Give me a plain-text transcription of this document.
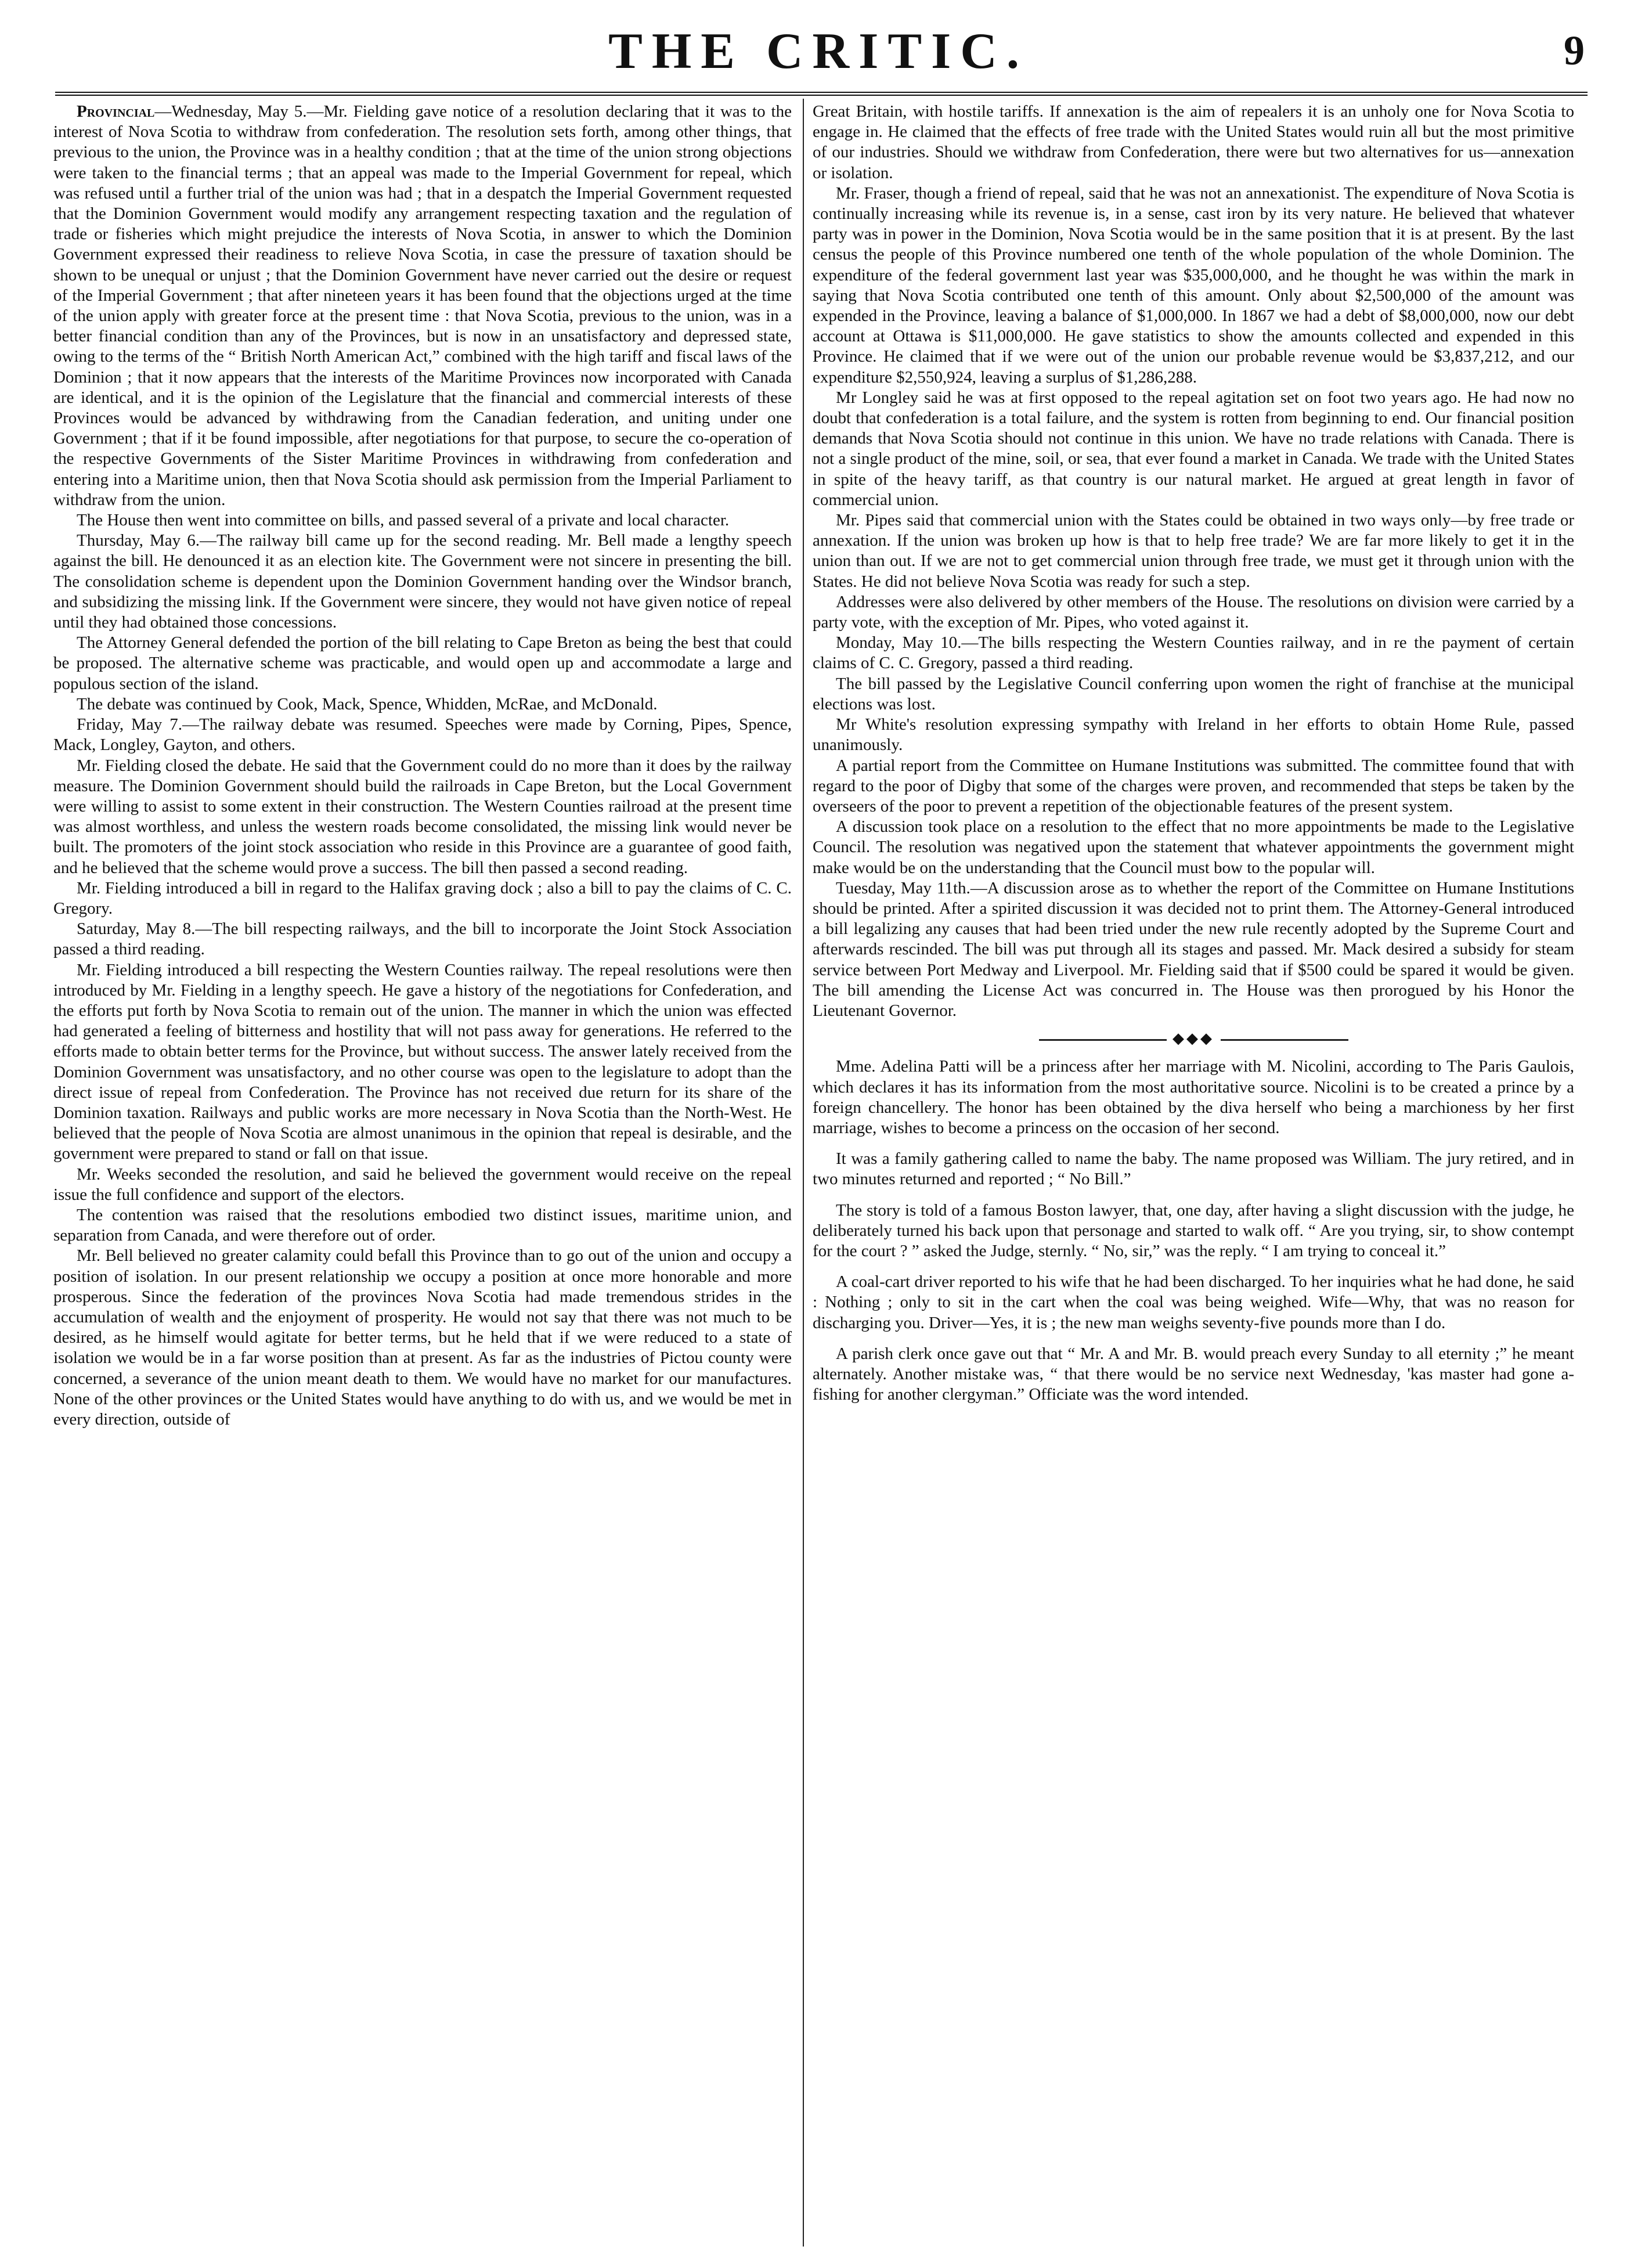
THE CRITIC.	9

Provincial—Wednesday, May 5.—Mr. Fielding gave notice of a resolution declaring that it was to the interest of Nova Scotia to withdraw from confederation. The resolution sets forth, among other things, that previous to the union, the Province was in a healthy condition ; that at the time of the union strong objections were taken to the financial terms ; that an appeal was made to the Imperial Government for repeal, which was refused until a further trial of the union was had ; that in a despatch the Imperial Government requested that the Dominion Government would modify any arrangement respecting taxation and the regulation of trade or fisheries which might prejudice the interests of Nova Scotia, in answer to which the Dominion Government expressed their readiness to relieve Nova Scotia, in case the pressure of taxation should be shown to be unequal or unjust ; that the Dominion Government have never carried out the desire or request of the Imperial Government ; that after nineteen years it has been found that the objections urged at the time of the union apply with greater force at the present time : that Nova Scotia, previous to the union, was in a better financial condition than any of the Provinces, but is now in an unsatisfactory and depressed state, owing to the terms of the “ British North American Act,” combined with the high tariff and fiscal laws of the Dominion ; that it now appears that the interests of the Maritime Provinces now incorporated with Canada are identical, and it is the opinion of the Legislature that the financial and commercial interests of these Provinces would be advanced by withdrawing from the Canadian federation, and uniting under one Government ; that if it be found impossible, after negotiations for that purpose, to secure the co-operation of the respective Governments of the Sister Maritime Provinces in withdrawing from confederation and entering into a Maritime union, then that Nova Scotia should ask permission from the Imperial Parliament to withdraw from the union.

The House then went into committee on bills, and passed several of a private and local character.

Thursday, May 6.—The railway bill came up for the second reading. Mr. Bell made a lengthy speech against the bill. He denounced it as an election kite. The Government were not sincere in presenting the bill. The consolidation scheme is dependent upon the Dominion Government handing over the Windsor branch, and subsidizing the missing link. If the Government were sincere, they would not have given notice of repeal until they had obtained those concessions.

The Attorney General defended the portion of the bill relating to Cape Breton as being the best that could be proposed. The alternative scheme was practicable, and would open up and accommodate a large and populous section of the island.

The debate was continued by Cook, Mack, Spence, Whidden, McRae, and McDonald.

Friday, May 7.—The railway debate was resumed. Speeches were made by Corning, Pipes, Spence, Mack, Longley, Gayton, and others.

Mr. Fielding closed the debate. He said that the Government could do no more than it does by the railway measure. The Dominion Government should build the railroads in Cape Breton, but the Local Government were willing to assist to some extent in their construction. The Western Counties railroad at the present time was almost worthless, and unless the western roads become consolidated, the missing link would never be built. The promoters of the joint stock association who reside in this Province are a guarantee of good faith, and he believed that the scheme would prove a success. The bill then passed a second reading.

Mr. Fielding introduced a bill in regard to the Halifax graving dock ; also a bill to pay the claims of C. C. Gregory.

Saturday, May 8.—The bill respecting railways, and the bill to incorporate the Joint Stock Association passed a third reading.

Mr. Fielding introduced a bill respecting the Western Counties railway. The repeal resolutions were then introduced by Mr. Fielding in a lengthy speech. He gave a history of the negotiations for Confederation, and the efforts put forth by Nova Scotia to remain out of the union. The manner in which the union was effected had generated a feeling of bitterness and hostility that will not pass away for generations. He referred to the efforts made to obtain better terms for the Province, but without success. The answer lately received from the Dominion Government was unsatisfactory, and no other course was open to the legislature to adopt than the direct issue of repeal from Confederation. The Province has not received due return for its share of the Dominion taxation. Railways and public works are more necessary in Nova Scotia than the North-West. He believed that the people of Nova Scotia are almost unanimous in the opinion that repeal is desirable, and the government were prepared to stand or fall on that issue.

Mr. Weeks seconded the resolution, and said he believed the government would receive on the repeal issue the full confidence and support of the electors.

The contention was raised that the resolutions embodied two distinct issues, maritime union, and separation from Canada, and were therefore out of order.

Mr. Bell believed no greater calamity could befall this Province than to go out of the union and occupy a position of isolation. In our present relationship we occupy a position at once more honorable and more prosperous. Since the federation of the provinces Nova Scotia had made tremendous strides in the accumulation of wealth and the enjoyment of prosperity. He would not say that there was not much to be desired, as he himself would agitate for better terms, but he held that if we were reduced to a state of isolation we would be in a far worse position than at present. As far as the industries of Pictou county were concerned, a severance of the union meant death to them. We would have no market for our manufactures. None of the other provinces or the United States would have anything to do with us, and we would be met in every direction, outside of

Great Britain, with hostile tariffs. If annexation is the aim of repealers it is an unholy one for Nova Scotia to engage in. He claimed that the effects of free trade with the United States would ruin all but the most primitive of our industries. Should we withdraw from Confederation, there were but two alternatives for us—annexation or isolation.

Mr. Fraser, though a friend of repeal, said that he was not an annexationist. The expenditure of Nova Scotia is continually increasing while its revenue is, in a sense, cast iron by its very nature. He believed that whatever party was in power in the Dominion, Nova Scotia would be in the same position that it is at present. By the last census the people of this Province numbered one tenth of the whole population of the whole Dominion. The expenditure of the federal government last year was $35,000,000, and he thought he was within the mark in saying that Nova Scotia contributed one tenth of this amount. Only about $2,500,000 of the amount was expended in the Province, leaving a balance of $1,000,000. In 1867 we had a debt of $8,000,000, now our debt account at Ottawa is $11,000,000. He gave statistics to show the amounts collected and expended in this Province. He claimed that if we were out of the union our probable revenue would be $3,837,212, and our expenditure $2,550,924, leaving a surplus of $1,286,288.

Mr Longley said he was at first opposed to the repeal agitation set on foot two years ago. He had now no doubt that confederation is a total failure, and the system is rotten from beginning to end. Our financial position demands that Nova Scotia should not continue in this union. We have no trade relations with Canada. There is not a single product of the mine, soil, or sea, that ever found a market in Canada. We trade with the United States in spite of the heavy tariff, as that country is our natural market. He argued at great length in favor of commercial union.

Mr. Pipes said that commercial union with the States could be obtained in two ways only—by free trade or annexation. If the union was broken up how is that to help free trade? We are far more likely to get it in the union than out. If we are not to get commercial union through free trade, we must get it through union with the States. He did not believe Nova Scotia was ready for such a step.

Addresses were also delivered by other members of the House. The resolutions on division were carried by a party vote, with the exception of Mr. Pipes, who voted against it.

Monday, May 10.—The bills respecting the Western Counties railway, and in re the payment of certain claims of C. C. Gregory, passed a third reading.

The bill passed by the Legislative Council conferring upon women the right of franchise at the municipal elections was lost.

Mr White's resolution expressing sympathy with Ireland in her efforts to obtain Home Rule, passed unanimously.

A partial report from the Committee on Humane Institutions was submitted. The committee found that with regard to the poor of Digby that some of the charges were proven, and recommended that steps be taken by the overseers of the poor to prevent a repetition of the objectionable features of the present system.

A discussion took place on a resolution to the effect that no more appointments be made to the Legislative Council. The resolution was negatived upon the statement that whatever appointments the government might make would be on the understanding that the Council must bow to the popular will.

Tuesday, May 11th.—A discussion arose as to whether the report of the Committee on Humane Institutions should be printed. After a spirited discussion it was decided not to print them. The Attorney-General introduced a bill legalizing any causes that had been tried under the new rule recently adopted by the Supreme Court and afterwards rescinded. The bill was put through all its stages and passed. Mr. Mack desired a subsidy for steam service between Port Medway and Liverpool. Mr. Fielding said that if $500 could be spared it would be given. The bill amending the License Act was concurred in. The House was then prorogued by his Honor the Lieutenant Governor.

◆◆◆

Mme. Adelina Patti will be a princess after her marriage with M. Nicolini, according to The Paris Gaulois, which declares it has its information from the most authoritative source. Nicolini is to be created a prince by a foreign chancellery. The honor has been obtained by the diva herself who being a marchioness by her first marriage, wishes to become a princess on the occasion of her second.

It was a family gathering called to name the baby. The name proposed was William. The jury retired, and in two minutes returned and reported ; “ No Bill.”

The story is told of a famous Boston lawyer, that, one day, after having a slight discussion with the judge, he deliberately turned his back upon that personage and started to walk off. “ Are you trying, sir, to show contempt for the court ? ” asked the Judge, sternly. “ No, sir,” was the reply. “ I am trying to conceal it.”

A coal-cart driver reported to his wife that he had been discharged. To her inquiries what he had done, he said : Nothing ; only to sit in the cart when the coal was being weighed. Wife—Why, that was no reason for discharging you. Driver—Yes, it is ; the new man weighs seventy-five pounds more than I do.

A parish clerk once gave out that “ Mr. A and Mr. B. would preach every Sunday to all eternity ;” he meant alternately. Another mistake was, “ that there would be no service next Wednesday, 'kas master had gone a-fishing for another clergyman.” Officiate was the word intended.
